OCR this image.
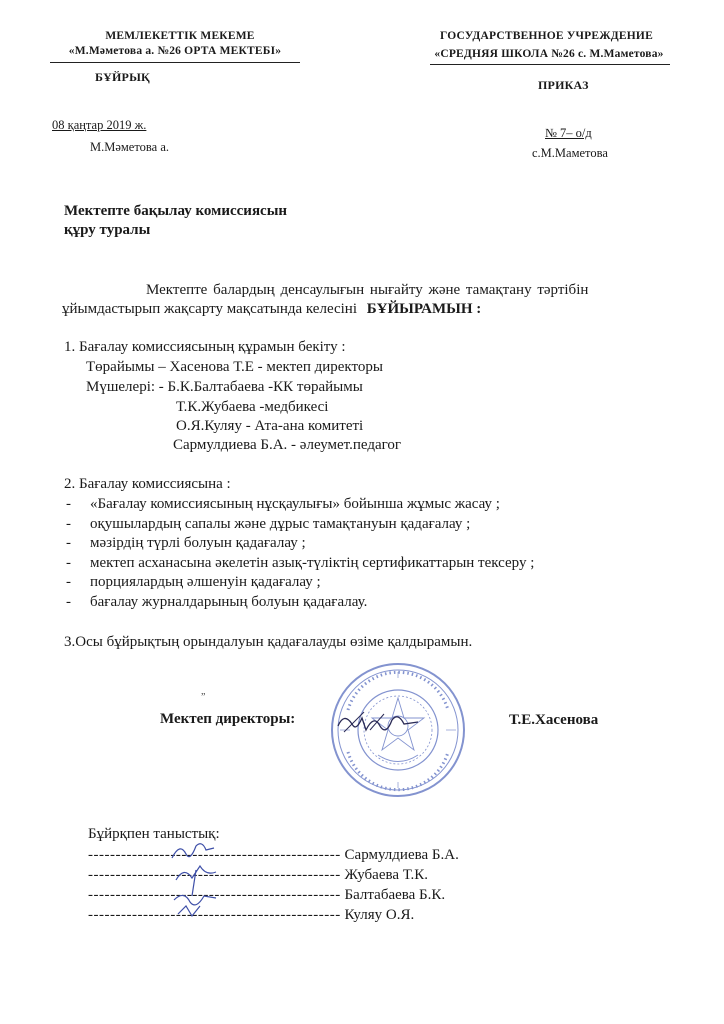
МЕМЛЕКЕТТІК МЕКЕМЕ
«М.Мәметова а. №26 ОРТА МЕКТЕБІ»
ГОСУДАРСТВЕННОЕ УЧРЕЖДЕНИЕ
«СРЕДНЯЯ ШКОЛА №26 с. М.Маметова»
БҰЙРЫҚ
ПРИКАЗ
08 қаңтар 2019 ж.
М.Мәметова а.
№ 7– о/д
с.М.Маметова
Мектепте бақылау комиссиясын
құру туралы
Мектепте балардың денсаулығын нығайту және тамақтану тәртібін
ұйымдастырып жақсарту мақсатында келесіні БҰЙЫРАМЫН :
1. Бағалау комиссиясының құрамын бекіту :
Төрайымы – Хасенова Т.Е - мектеп директоры
Мүшелері: - Б.К.Балтабаева -КК төрайымы
Т.К.Жубаева -медбикесі
О.Я.Куляу - Ата-ана комитеті
Сармулдиева Б.А. - әлеумет.педагог
2. Бағалау комиссиясына :
- «Бағалау комиссиясының нұсқаулығы» бойынша жұмыс жасау ;
- оқушылардың сапалы және дұрыс тамақтануын қадағалау ;
- мәзірдің түрлі болуын қадағалау ;
- мектеп асханасына әкелетін азық-түліктің сертификаттарын тексеру ;
- порциялардың әлшенуін қадағалау ;
- бағалау журналдарының болуын қадағалау.
3.Осы бұйрықтың орындалуын қадағалауды өзіме қалдырамын.
„
Мектеп директоры:	Т.Е.Хасенова
Бұйрқпен таныстық:
---------------------------------------------- Сармулдиева Б.А.
---------------------------------------------- Жубаева Т.К.
---------------------------------------------- Балтабаева Б.К.
---------------------------------------------- Куляу О.Я.
